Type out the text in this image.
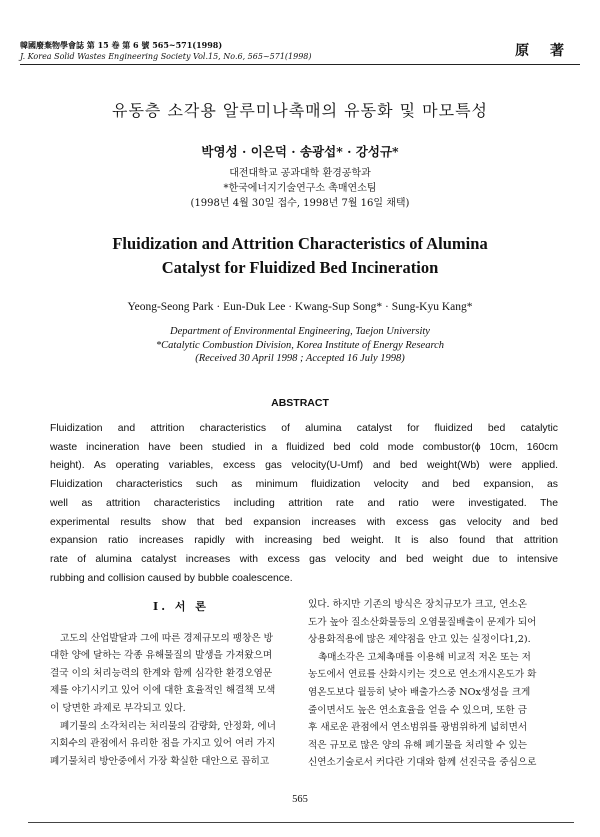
韓國廢棄物學會誌 第 15 卷 第 6 號 565~571(1998)
J. Korea Solid Wastes Engineering Society Vol.15, No.6, 565~571(1998)	原 著
유동층 소각용 알루미나촉매의 유동화 및 마모특성
박영성 · 이은덕 · 송광섭* · 강성규*
대전대학교 공과대학 환경공학과
*한국에너지기술연구소 촉매연소팀
(1998년 4월 30일 접수, 1998년 7월 16일 채택)
Fluidization and Attrition Characteristics of Alumina
Catalyst for Fluidized Bed Incineration
Yeong-Seong Park · Eun-Duk Lee · Kwang-Sup Song* · Sung-Kyu Kang*
Department of Environmental Engineering, Taejon University
*Catalytic Combustion Division, Korea Institute of Energy Research
(Received 30 April 1998 ; Accepted 16 July 1998)
ABSTRACT
Fluidization and attrition characteristics of alumina catalyst for fluidized bed catalytic
waste incineration have been studied in a fluidized bed cold mode combustor(ϕ 10cm, 160cm
height). As operating variables, excess gas velocity(U-Umf) and bed weight(Wb) were applied.
Fluidization characteristics such as minimum fluidization velocity and bed expansion, as
well as attrition characteristics including attrition rate and ratio were investigated. The
experimental results show that bed expansion increases with excess gas velocity and bed
expansion ratio increases rapidly with increasing bed weight. It is also found that attrition
rate of alumina catalyst increases with excess gas velocity and bed weight due to intensive
rubbing and collision caused by bubble coalescence.
Ⅰ. 서 론
고도의 산업발달과 그에 따른 경제규모의 팽창은 방
대한 양에 달하는 각종 유해물질의 발생을 가져왔으며
결국 이의 처리능력의 한계와 함께 심각한 환경오염문
제를 야기시키고 있어 이에 대한 효율적인 해결책 모색
이 당면한 과제로 부각되고 있다.
폐기물의 소각처리는 처리물의 감량화, 안정화, 에너
지회수의 관점에서 유리한 점을 가지고 있어 여러 가지
폐기물처리 방안중에서 가장 확실한 대안으로 꼽히고
있다. 하지만 기존의 방식은 장치규모가 크고, 연소온
도가 높아 질소산화물등의 오염물질배출이 문제가 되어
상용화적용에 많은 제약점을 안고 있는 실정이다1,2).
촉매소각은 고체촉매를 이용해 비교적 저온 또는 저
농도에서 연료를 산화시키는 것으로 연소개시온도가 화
염온도보다 월등히 낮아 배출가스중 NOx생성을 크게
줄이면서도 높은 연소효율을 얻을 수 있으며, 또한 금
후 새로운 관점에서 연소범위를 광범위하게 넓히면서
적은 규모로 많은 양의 유해 폐기물을 처리할 수 있는
신연소기술로서 커다란 기대와 함께 선진국을 중심으로
565
